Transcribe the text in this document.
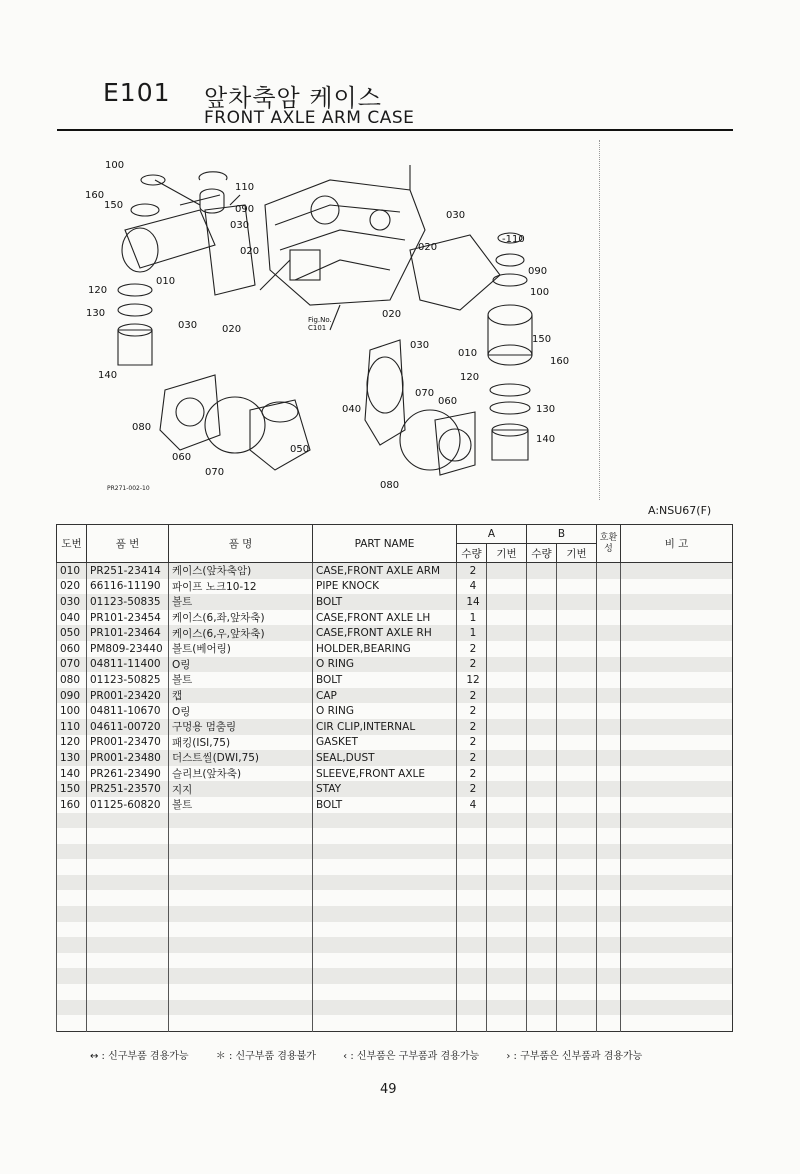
E101 앞차축암 케이스
FRONT AXLE ARM CASE
100
160
150
110
090
030
020
010
120
130
140
080
060
070
050
030 020
030
020
-110
090
100
150
160
120
130
140
020
030
010
040
070
060
080
Fig.No.
C101
PR271-002-10
A:NSU67(F)
도번	품 번	품 명	PART NAME	A		B		호환성	비 고
				수량	기번	수량	기번		
010	PR251-23414	케이스(앞차축암)	CASE,FRONT AXLE ARM	2					
020	66116-11190	파이프 노크10-12	PIPE KNOCK	4					
030	01123-50835	볼트	BOLT	14					
040	PR101-23454	케이스(6,좌,앞차축)	CASE,FRONT AXLE LH	1					
050	PR101-23464	케이스(6,우,앞차축)	CASE,FRONT AXLE RH	1					
060	PM809-23440	볼트(베어링)	HOLDER,BEARING	2					
070	04811-11400	O링	O RING	2					
080	01123-50825	볼트	BOLT	12					
090	PR001-23420	캡	CAP	2					
100	04811-10670	O링	O RING	2					
110	04611-00720	구멍용 멈춤링	CIR CLIP,INTERNAL	2					
120	PR001-23470	패킹(ISI,75)	GASKET	2					
130	PR001-23480	더스트씰(DWI,75)	SEAL,DUST	2					
140	PR261-23490	슬리브(앞차축)	SLEEVE,FRONT AXLE	2					
150	PR251-23570	지지	STAY	2					
160	01125-60820	볼트	BOLT	4					

↔ : 신구부품 겸용가능	＊ : 신구부품 겸용불가	‹ : 신부품은 구부품과 겸용가능	› : 구부품은 신부품과 겸용가능
49
